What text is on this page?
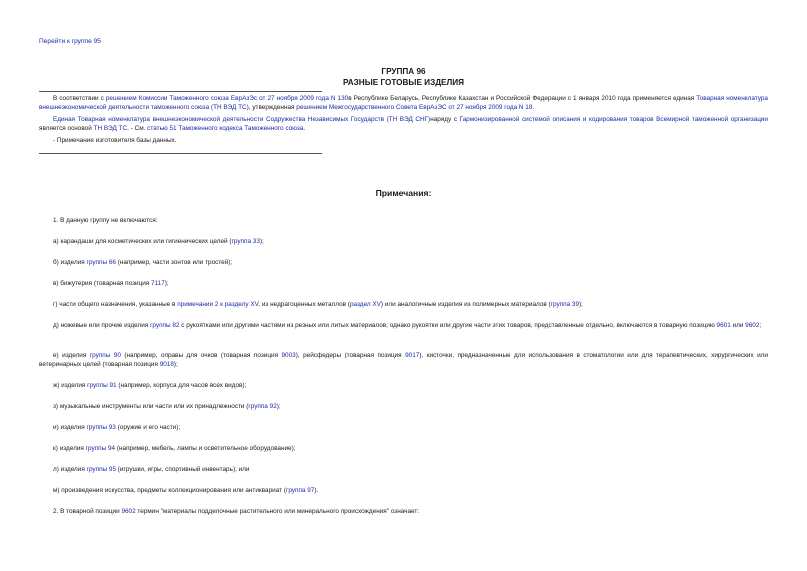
Перейти к группе 95
ГРУППА 96
РАЗНЫЕ ГОТОВЫЕ ИЗДЕЛИЯ
В соответствии с решением Комиссии Таможенного союза ЕврАзЭс от 27 ноября 2009 года N 130в Республике Беларусь, Республике Казахстан и Российской Федерации с 1 января 2010 года применяется единая Товарная номенклатура внешнеэкономической деятельности таможенного союза (ТН ВЭД ТС), утвержденная решением Межгосударственного Совета ЕврАзЭС от 27 ноября 2009 года N 18.
Единая Товарная номенклатура внешнеэкономической деятельности Содружества Независимых Государств (ТН ВЭД СНГ)наряду с Гармонизированной системой описания и кодирования товаров Всемирной таможенной организации является основой ТН ВЭД ТС. - См. статью 51 Таможенного кодекса Таможенного союза.
- Примечание изготовителя базы данных.
Примечания:
1. В данную группу не включаются:
а) карандаши для косметических или гигиенических целей (группа 33);
б) изделия группы 66 (например, части зонтов или тростей);
в) бижутерия (товарная позиция 7117);
г) части общего назначения, указанные в примечании 2 к разделу XV, из недрагоценных металлов (раздел XV) или аналогичные изделия из полимерных материалов (группа 39);
д) ножевые или прочие изделия группы 82 с рукоятками или другими частями из резных или литых материалов; однако рукоятки или другие части этих товаров, представленные отдельно, включаются в товарную позицию 9601 или 9602;
е) изделия группы 90 (например, оправы для очков (товарная позиция 9003), рейсфедеры (товарная позиция 9017), кисточки, предназначенные для использования в стоматологии или для терапевтических, хирургических или ветеринарных целей (товарная позиция 9018);
ж) изделия группы 91 (например, корпуса для часов всех видов);
з) музыкальные инструменты или части или их принадлежности (группа 92);
и) изделия группы 93 (оружие и его части);
к) изделия группы 94 (например, мебель, лампы и осветительное оборудование);
л) изделия группы 95 (игрушки, игры, спортивный инвентарь); или
м) произведения искусства, предметы коллекционирования или антиквариат (группа 97).
2. В товарной позиции 9602 термин "материалы подделочные растительного или минерального происхождения" означает:
